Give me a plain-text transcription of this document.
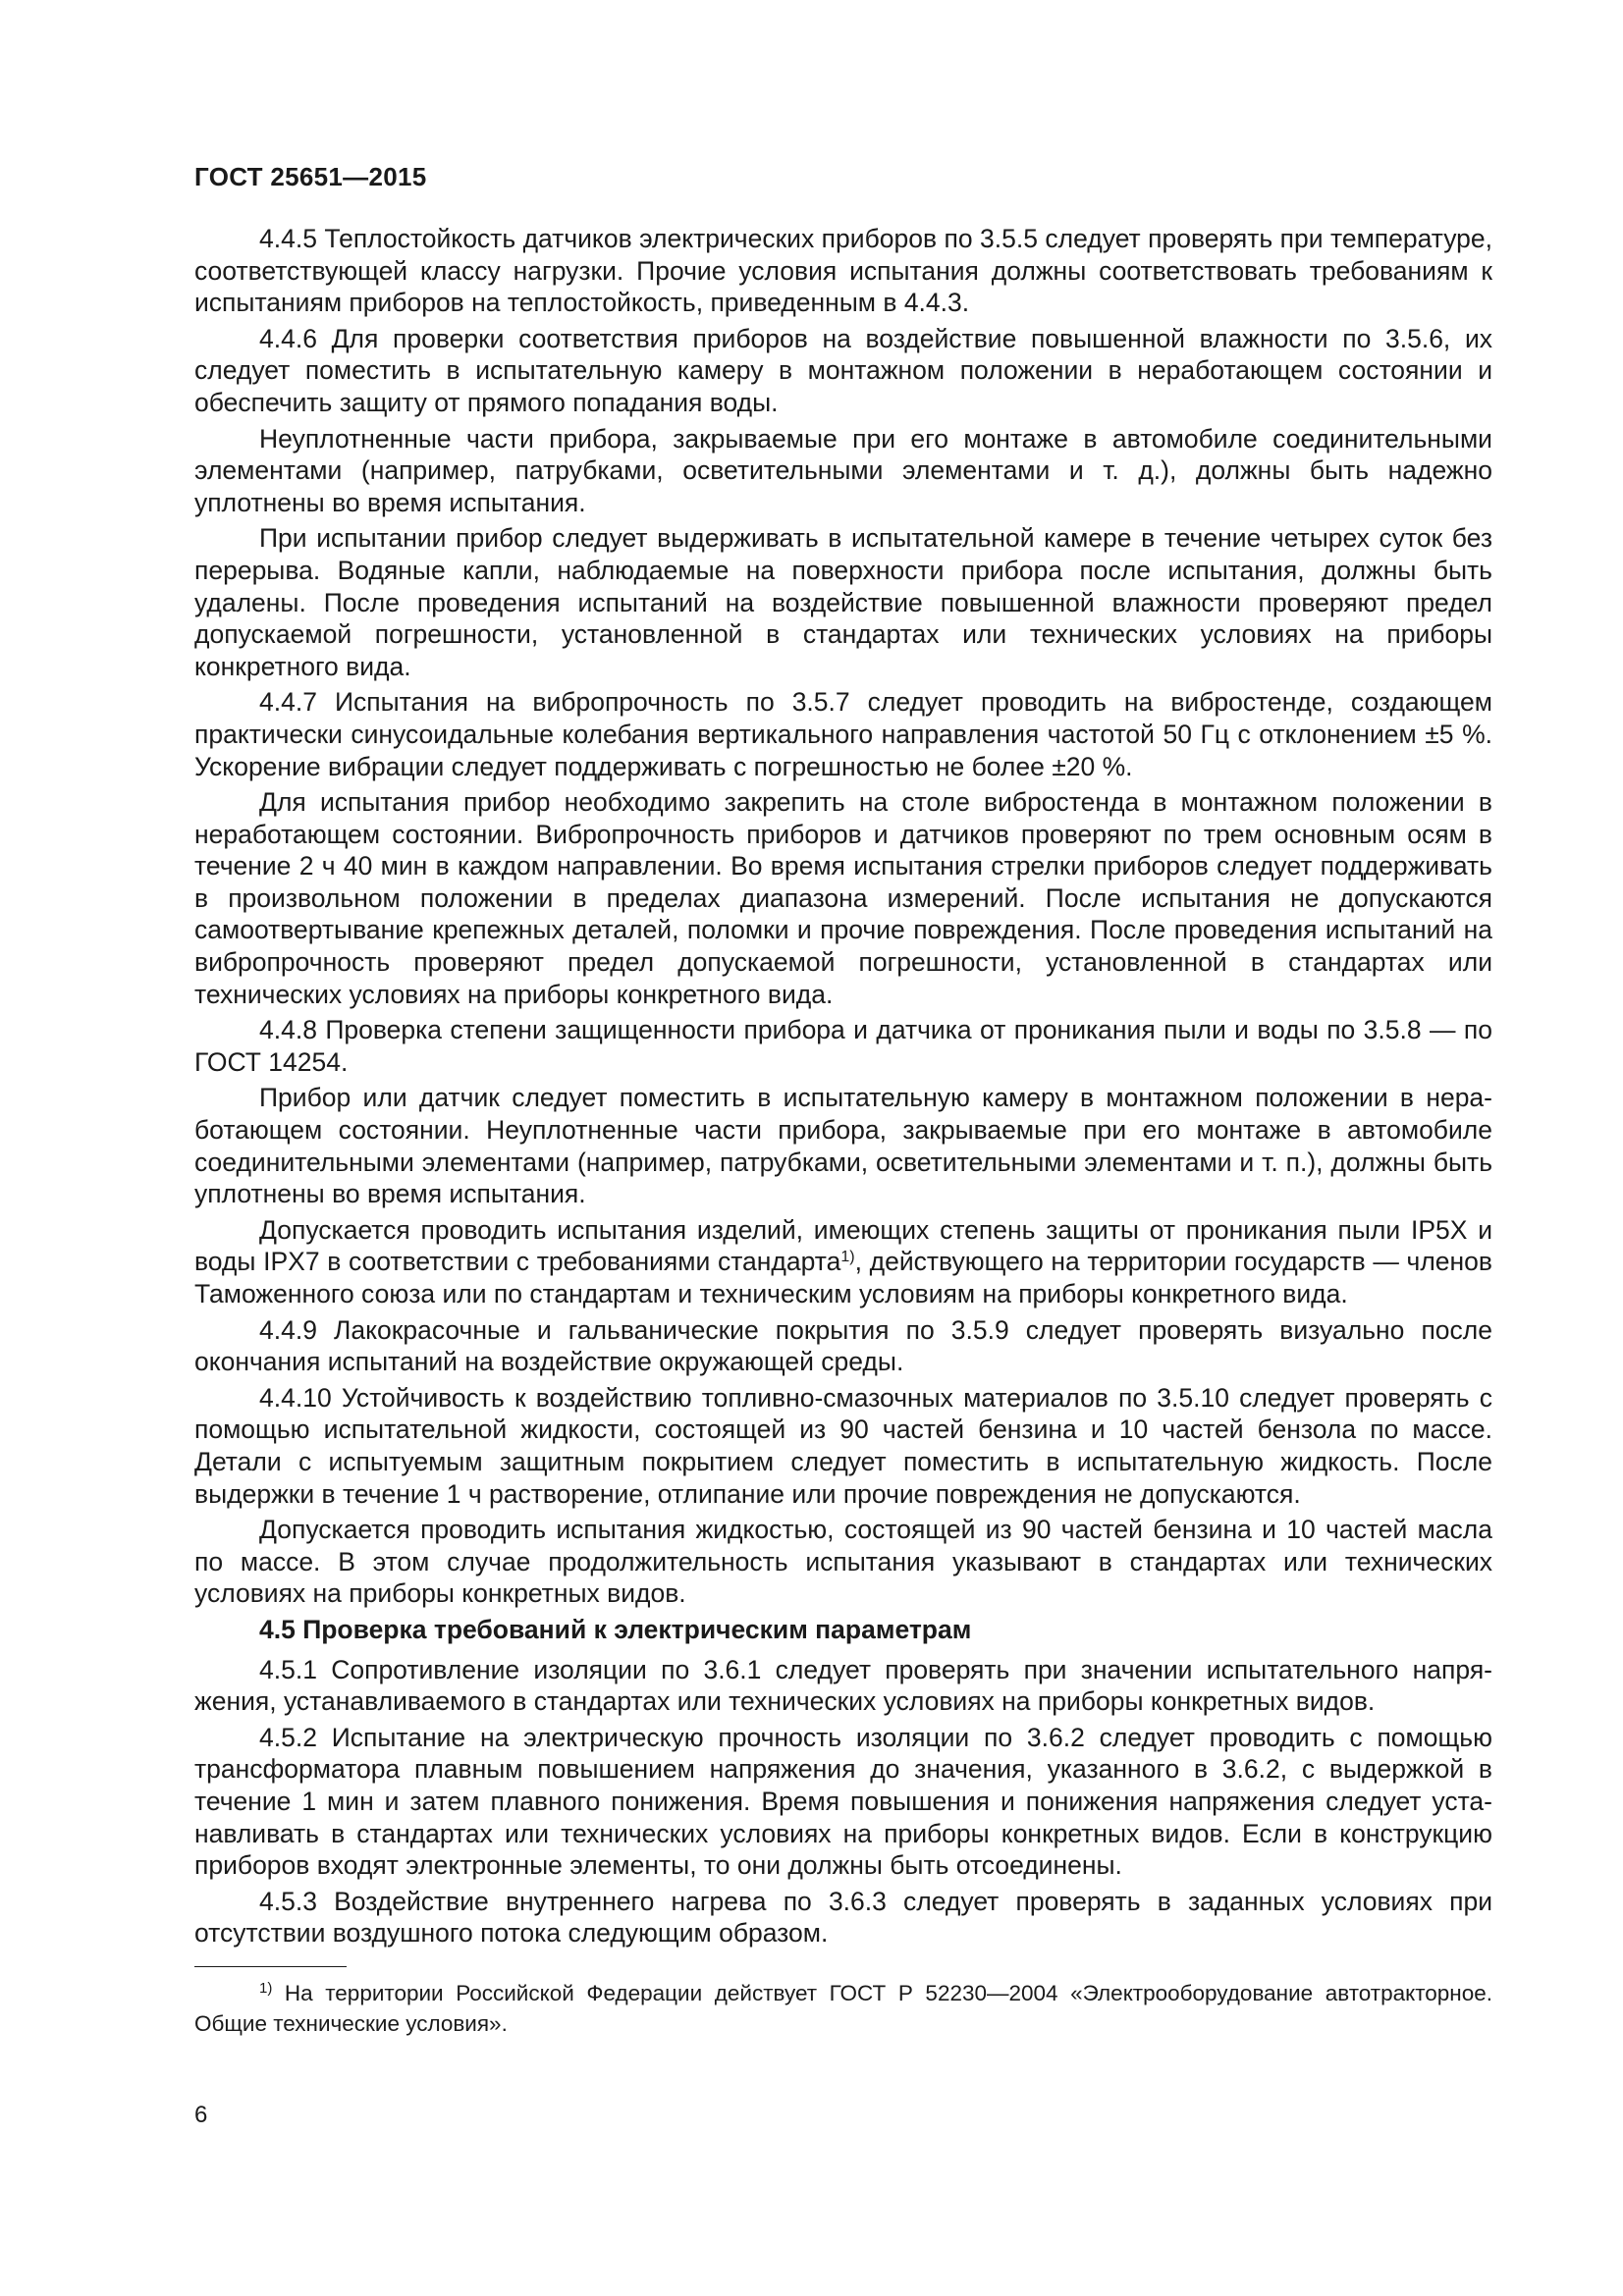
ГОСТ 25651—2015

4.4.5 Теплостойкость датчиков электрических приборов по 3.5.5 следует проверять при температуре, соответствующей классу нагрузки. Прочие условия испытания должны соответствовать требованиям к испытаниям приборов на теплостойкость, приведенным в 4.4.3.

4.4.6 Для проверки соответствия приборов на воздействие повышенной влажности по 3.5.6, их следует поместить в испытательную камеру в монтажном положении в неработающем состоянии и обеспечить защиту от прямого попадания воды.

Неуплотненные части прибора, закрываемые при его монтаже в автомобиле соединительными элементами (например, патрубками, осветительными элементами и т. д.), должны быть надежно уплотнены во время испытания.

При испытании прибор следует выдерживать в испытательной камере в течение четырех суток без перерыва. Водяные капли, наблюдаемые на поверхности прибора после испытания, должны быть удалены. После проведения испытаний на воздействие повышенной влажности проверяют предел допускаемой погрешности, установленной в стандартах или технических условиях на приборы конкретного вида.

4.4.7 Испытания на вибропрочность по 3.5.7 следует проводить на вибростенде, создающем практически синусоидальные колебания вертикального направления частотой 50 Гц с отклонением ±5 %. Ускорение вибрации следует поддерживать с погрешностью не более ±20 %.

Для испытания прибор необходимо закрепить на столе вибростенда в монтажном положении в неработающем состоянии. Вибропрочность приборов и датчиков проверяют по трем основным осям в течение 2 ч 40 мин в каждом направлении. Во время испытания стрелки приборов следует поддерживать в произвольном положении в пределах диапазона измерений. После испытания не допускаются самоотвертывание крепежных деталей, поломки и прочие повреждения. После проведения испытаний на вибропрочность проверяют предел допускаемой погрешности, установленной в стандартах или технических условиях на приборы конкретного вида.

4.4.8 Проверка степени защищенности прибора и датчика от проникания пыли и воды по 3.5.8 — по ГОСТ 14254.

Прибор или датчик следует поместить в испытательную камеру в монтажном положении в неработающем состоянии. Неуплотненные части прибора, закрываемые при его монтаже в автомобиле соединительными элементами (например, патрубками, осветительными элементами и т. п.), должны быть уплотнены во время испытания.

Допускается проводить испытания изделий, имеющих степень защиты от проникания пыли IP5X и воды IPX7 в соответствии с требованиями стандарта$^{1)}$, действующего на территории государств — членов Таможенного союза или по стандартам и техническим условиям на приборы конкретного вида.

4.4.9 Лакокрасочные и гальванические покрытия по 3.5.9 следует проверять визуально после окончания испытаний на воздействие окружающей среды.

4.4.10 Устойчивость к воздействию топливно-смазочных материалов по 3.5.10 следует проверять с помощью испытательной жидкости, состоящей из 90 частей бензина и 10 частей бензола по массе. Детали с испытуемым защитным покрытием следует поместить в испытательную жидкость. После выдержки в течение 1 ч растворение, отлипание или прочие повреждения не допускаются.

Допускается проводить испытания жидкостью, состоящей из 90 частей бензина и 10 частей масла по массе. В этом случае продолжительность испытания указывают в стандартах или технических условиях на приборы конкретных видов.

4.5 Проверка требований к электрическим параметрам

4.5.1 Сопротивление изоляции по 3.6.1 следует проверять при значении испытательного напряжения, устанавливаемого в стандартах или технических условиях на приборы конкретных видов.

4.5.2 Испытание на электрическую прочность изоляции по 3.6.2 следует проводить с помощью трансформатора плавным повышением напряжения до значения, указанного в 3.6.2, с выдержкой в течение 1 мин и затем плавного понижения. Время повышения и понижения напряжения следует устанавливать в стандартах или технических условиях на приборы конкретных видов. Если в конструкцию приборов входят электронные элементы, то они должны быть отсоединены.

4.5.3 Воздействие внутреннего нагрева по 3.6.3 следует проверять в заданных условиях при отсутствии воздушного потока следующим образом.

$^{1)}$ На территории Российской Федерации действует ГОСТ Р 52230—2004 «Электрооборудование автотракторное. Общие технические условия».

6
